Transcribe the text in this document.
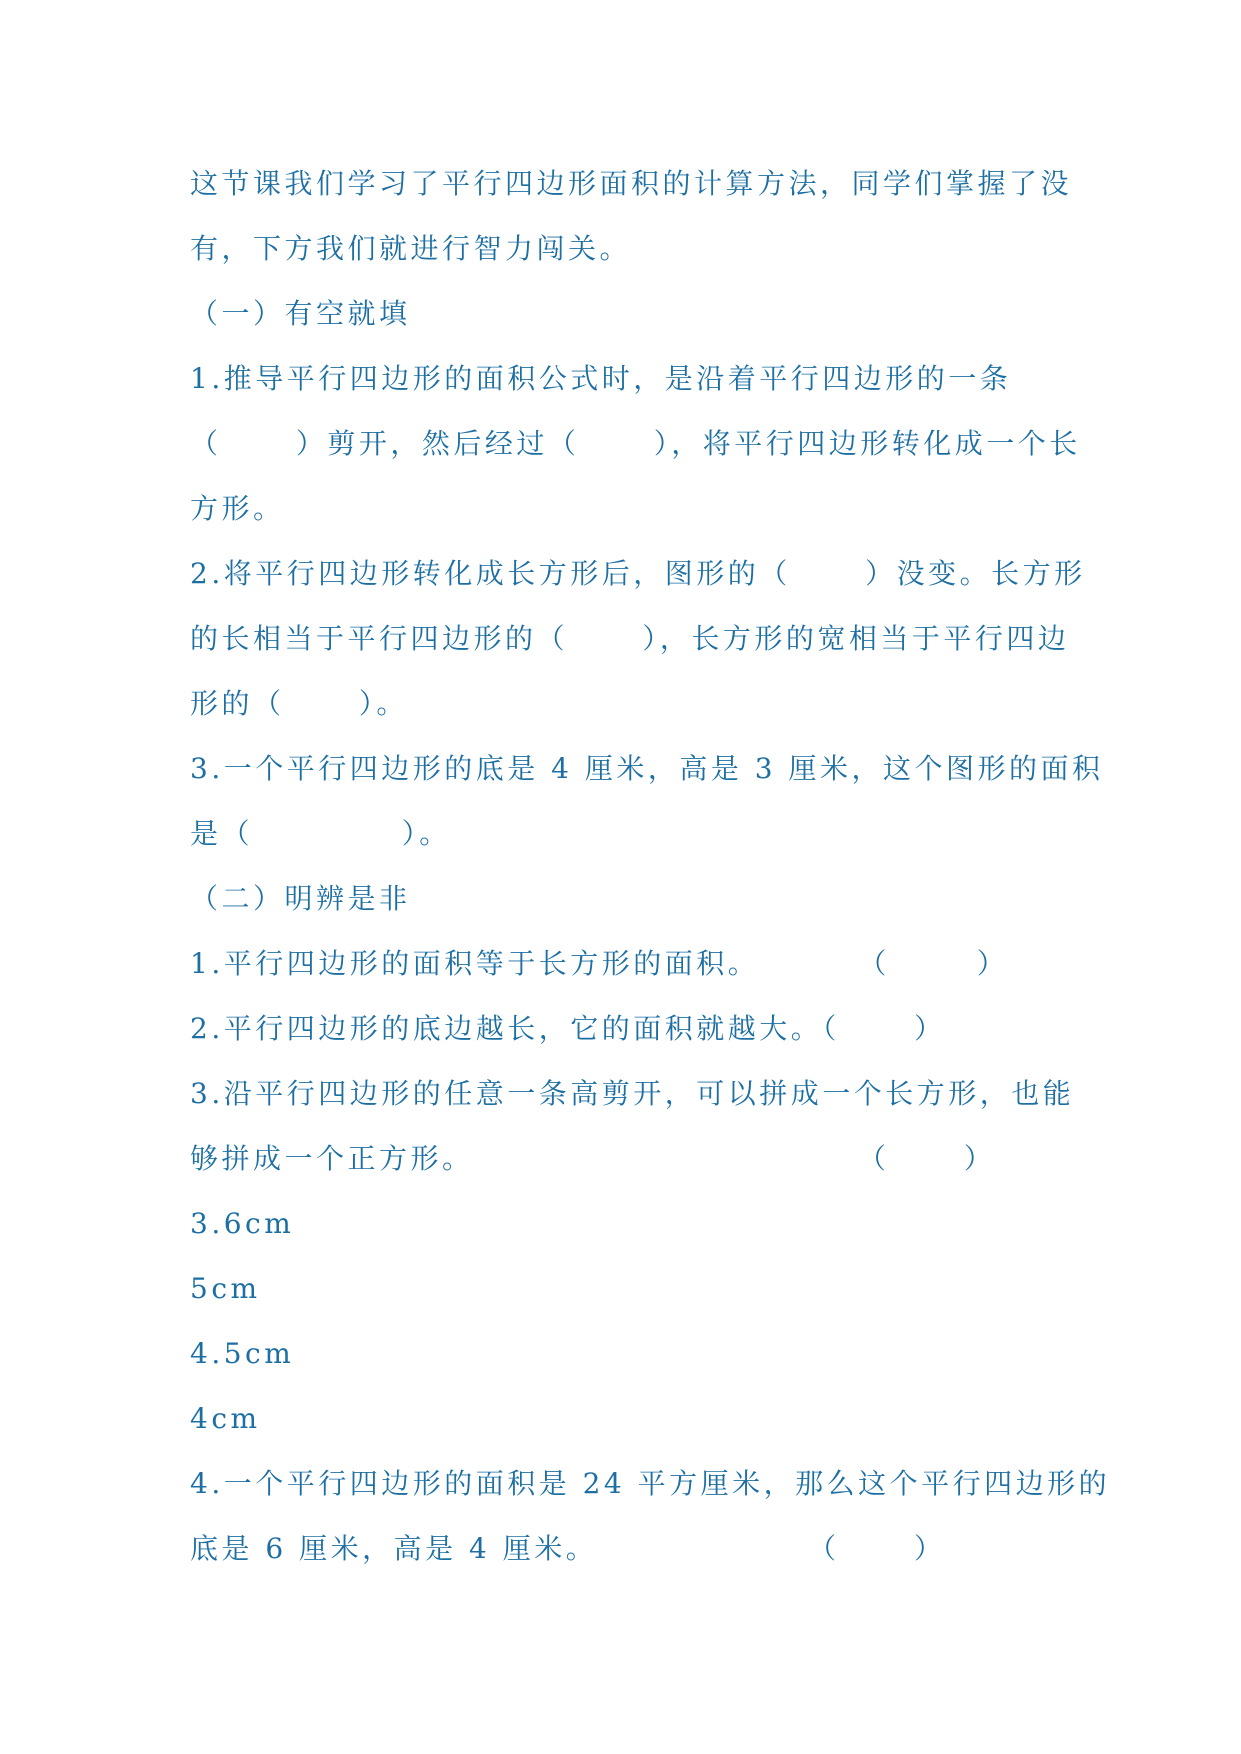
这节课我们学习了平行四边形面积的计算方法，同学们掌握了没
有，下方我们就进行智力闯关。
（一）有空就填
1.推导平行四边形的面积公式时，是沿着平行四边形的一条
（      ）剪开，然后经过（      ），将平行四边形转化成一个长
方形。
2.将平行四边形转化成长方形后，图形的（      ）没变。长方形
的长相当于平行四边形的（      ），长方形的宽相当于平行四边
形的（      ）。
3.一个平行四边形的底是 4 厘米，高是 3 厘米，这个图形的面积
是（            ）。
（二）明辨是非
1.平行四边形的面积等于长方形的面积。        （       ）
2.平行四边形的底边越长，它的面积就越大。（      ）
3.沿平行四边形的任意一条高剪开，可以拼成一个长方形，也能
够拼成一个正方形。                               （      ）
3.6cm
5cm
4.5cm
4cm
4.一个平行四边形的面积是 24 平方厘米，那么这个平行四边形的
底是 6 厘米，高是 4 厘米。                 （      ）
